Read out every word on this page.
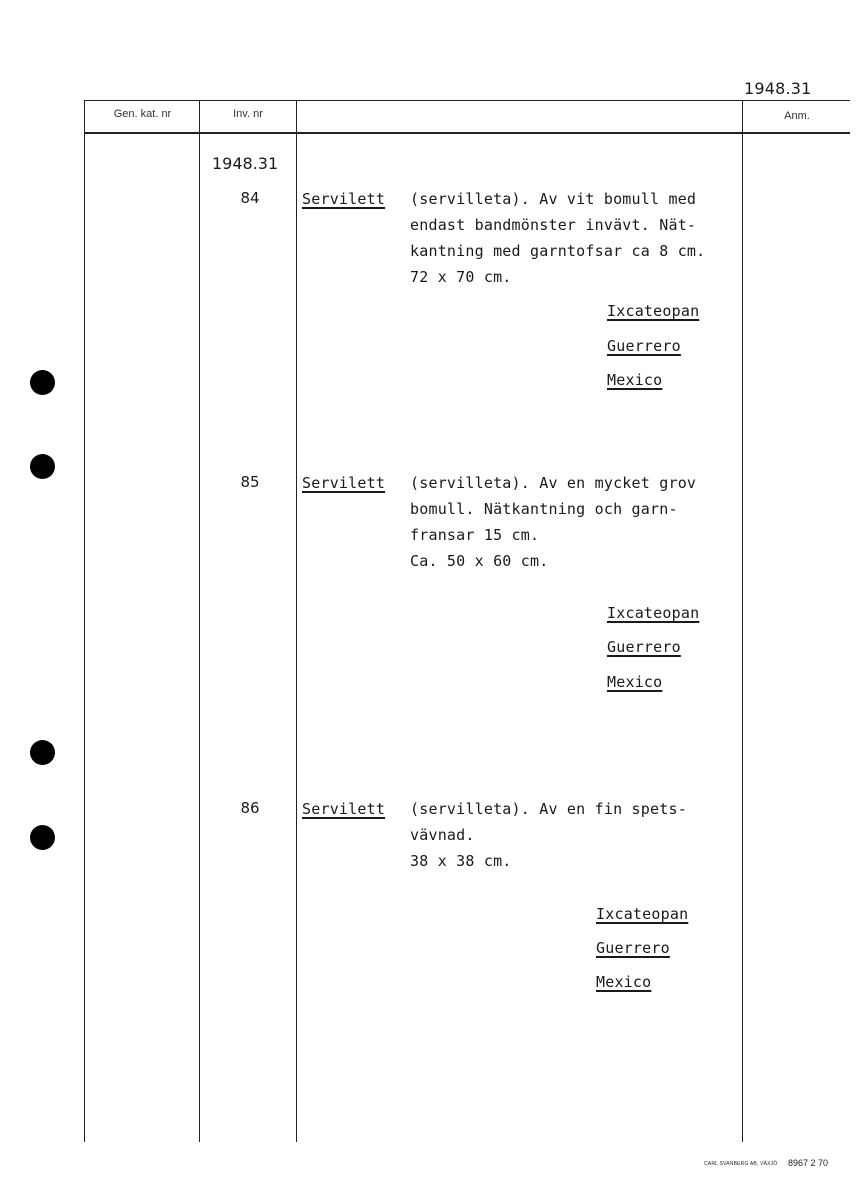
1948.31
Gen. kat. nr	Inv. nr	Anm.
1948.31
84	Servilett (servilleta). Av vit bomull med
endast bandmönster invävt. Nät-
kantning med garntofsar ca 8 cm.
72 x 70 cm.
Ixcateopan
Guerrero
Mexico
85	Servilett (servilleta). Av en mycket grov
bomull. Nätkantning och garn-
fransar 15 cm.
Ca. 50 x 60 cm.
Ixcateopan
Guerrero
Mexico
86	Servilett (servilleta). Av en fin spets-
vävnad.
38 x 38 cm.
Ixcateopan
Guerrero
Mexico
CARL SVANBERG AB, VÄXJÖ 8967 2 70
